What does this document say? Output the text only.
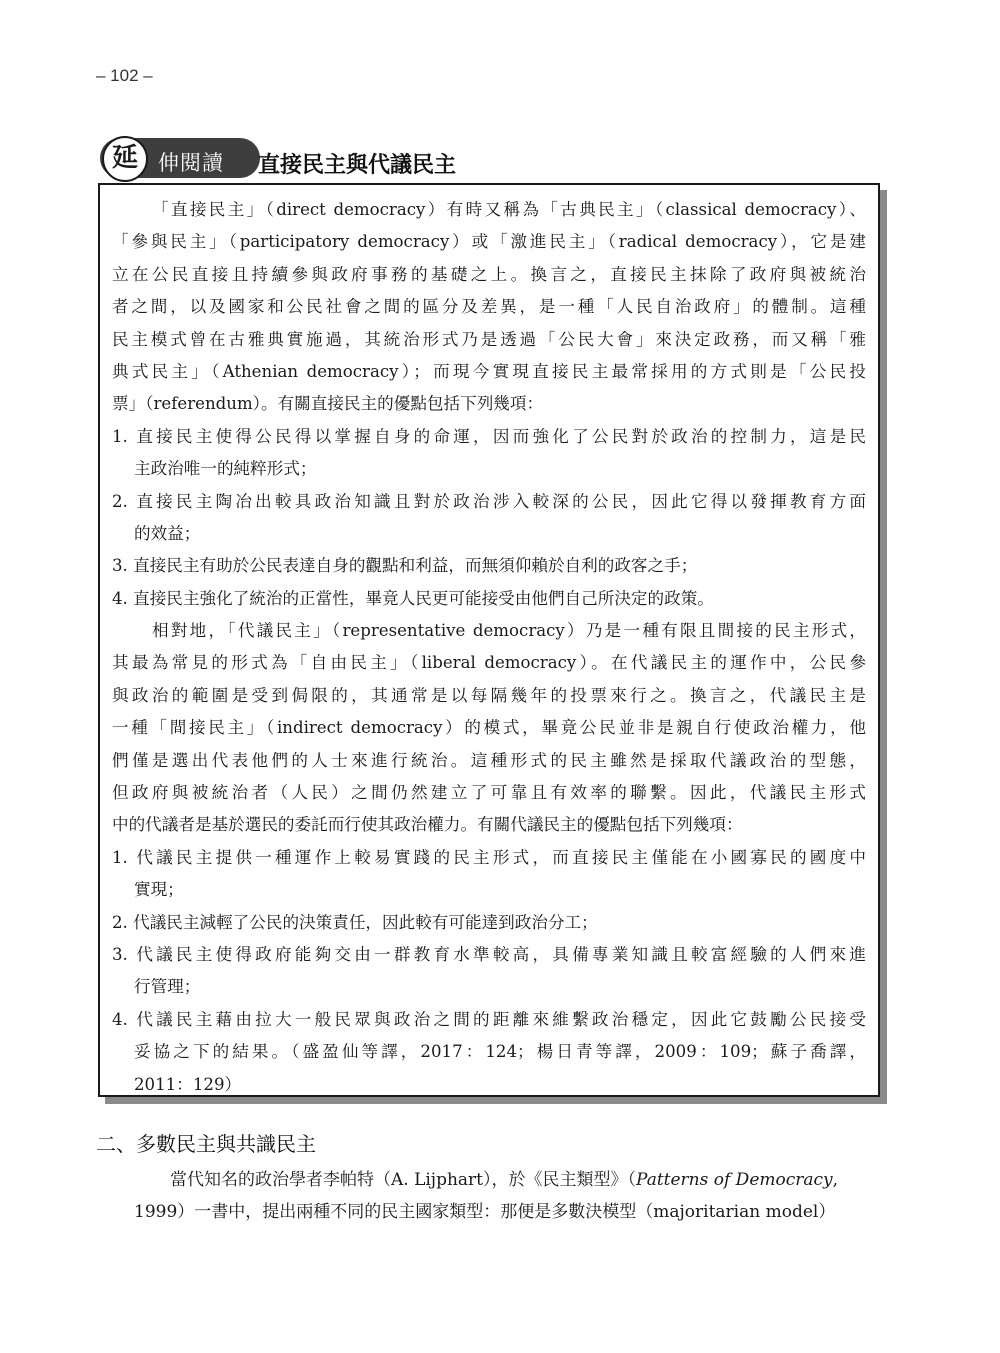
– 102 –
伸閱讀
延	直接民主與代議民主
「直接民主」（direct democracy）有時又稱為「古典民主」（classical democracy）、
「參與民主」（participatory democracy）或「激進民主」（radical democracy），它是建
立在公民直接且持續參與政府事務的基礎之上。換言之，直接民主抹除了政府與被統治
者之間，以及國家和公民社會之間的區分及差異，是一種「人民自治政府」的體制。這種
民主模式曾在古雅典實施過，其統治形式乃是透過「公民大會」來決定政務，而又稱「雅
典式民主」（Athenian democracy）；而現今實現直接民主最常採用的方式則是「公民投
票」（referendum）。有關直接民主的優點包括下列幾項：
1. 直接民主使得公民得以掌握自身的命運，因而強化了公民對於政治的控制力，這是民
主政治唯一的純粹形式；
2. 直接民主陶冶出較具政治知識且對於政治涉入較深的公民，因此它得以發揮教育方面
的效益；
3. 直接民主有助於公民表達自身的觀點和利益，而無須仰賴於自利的政客之手；
4. 直接民主強化了統治的正當性，畢竟人民更可能接受由他們自己所決定的政策。
相對地，「代議民主」（representative democracy）乃是一種有限且間接的民主形式，
其最為常見的形式為「自由民主」（liberal democracy）。在代議民主的運作中，公民參
與政治的範圍是受到侷限的，其通常是以每隔幾年的投票來行之。換言之，代議民主是
一種「間接民主」（indirect democracy）的模式，畢竟公民並非是親自行使政治權力，他
們僅是選出代表他們的人士來進行統治。這種形式的民主雖然是採取代議政治的型態，
但政府與被統治者（人民）之間仍然建立了可靠且有效率的聯繫。因此，代議民主形式
中的代議者是基於選民的委託而行使其政治權力。有關代議民主的優點包括下列幾項：
1. 代議民主提供一種運作上較易實踐的民主形式，而直接民主僅能在小國寡民的國度中
實現；
2. 代議民主減輕了公民的決策責任，因此較有可能達到政治分工；
3. 代議民主使得政府能夠交由一群教育水準較高，具備專業知識且較富經驗的人們來進
行管理；
4. 代議民主藉由拉大一般民眾與政治之間的距離來維繫政治穩定，因此它鼓勵公民接受
妥協之下的結果。（盛盈仙等譯，2017：124；楊日青等譯，2009：109；蘇子喬譯，
2011：129）
二、多數民主與共識民主
當代知名的政治學者李帕特（A. Lijphart），於《民主類型》（Patterns of Democracy,
1999）一書中，提出兩種不同的民主國家類型：那便是多數決模型（majoritarian model）
